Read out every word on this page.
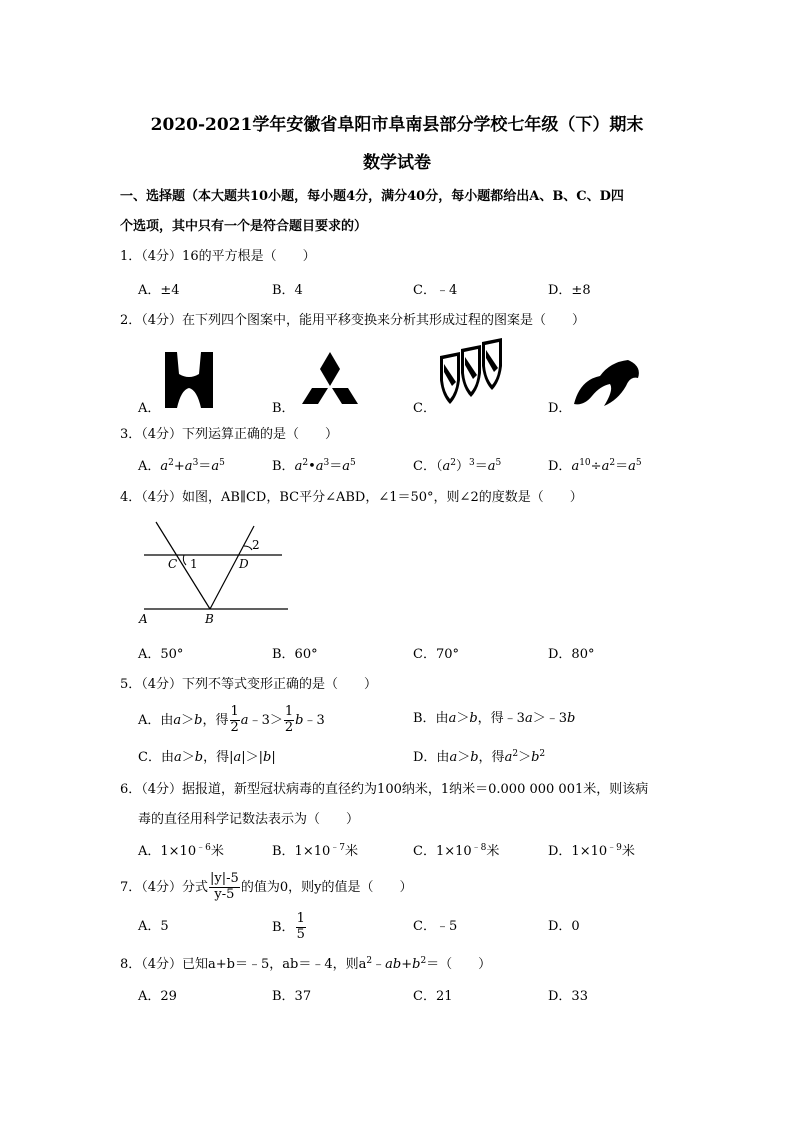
2020-2021学年安徽省阜阳市阜南县部分学校七年级（下）期末
数学试卷
一、选择题（本大题共10小题，每小题4分，满分40分，每小题都给出A、B、C、D四
个选项，其中只有一个是符合题目要求的）
1．（4分）16的平方根是（　　）
A．±4	B．4	C．﹣4	D．±8
2．（4分）在下列四个图案中，能用平移变换来分析其形成过程的图案是（　　）
A．	B．	C．	D．
3．（4分）下列运算正确的是（　　）
A．$a^2+a^3=a^5$	B．$a^2•a^3=a^5$	C．$(a^2)^3=a^5$	D．$a^{10}\div a^2=a^5$
4．（4分）如图，AB∥CD，BC平分∠ABD，∠1＝50°，则∠2的度数是（　　）
C 1	D
2
A	B
A．50°	B．60°	C．70°	D．80°
5．（4分）下列不等式变形正确的是（　　）
A．由a＞b，得 $\frac{1}{2}$ a﹣3＞ $\frac{1}{2}$ b﹣3	B．由a＞b，得﹣3a＞﹣3b
C．由a＞b，得|a|＞|b|	D．由a＞b，得$a^2>b^2$
6．（4分）据报道，新型冠状病毒的直径约为100纳米，1纳米＝0.000 000 001米，则该病
毒的直径用科学记数法表示为（　　）
A．$1\times 10^{﹣6}$米	B．$1\times 10^{﹣7}$米	C．$1\times 10^{﹣8}$米	D．$1\times 10^{﹣9}$米
7．（4分）分式 $\frac{|y|-5}{y-5}$ 的值为0，则y的值是（　　）
A．5	B． $\frac{1}{5}$	C．﹣5	D．0
8．（4分）已知a+b＝﹣5，ab＝﹣4，则$a^2﹣ab+b^2=$（　　）
A．29	B．37	C．21	D．33
